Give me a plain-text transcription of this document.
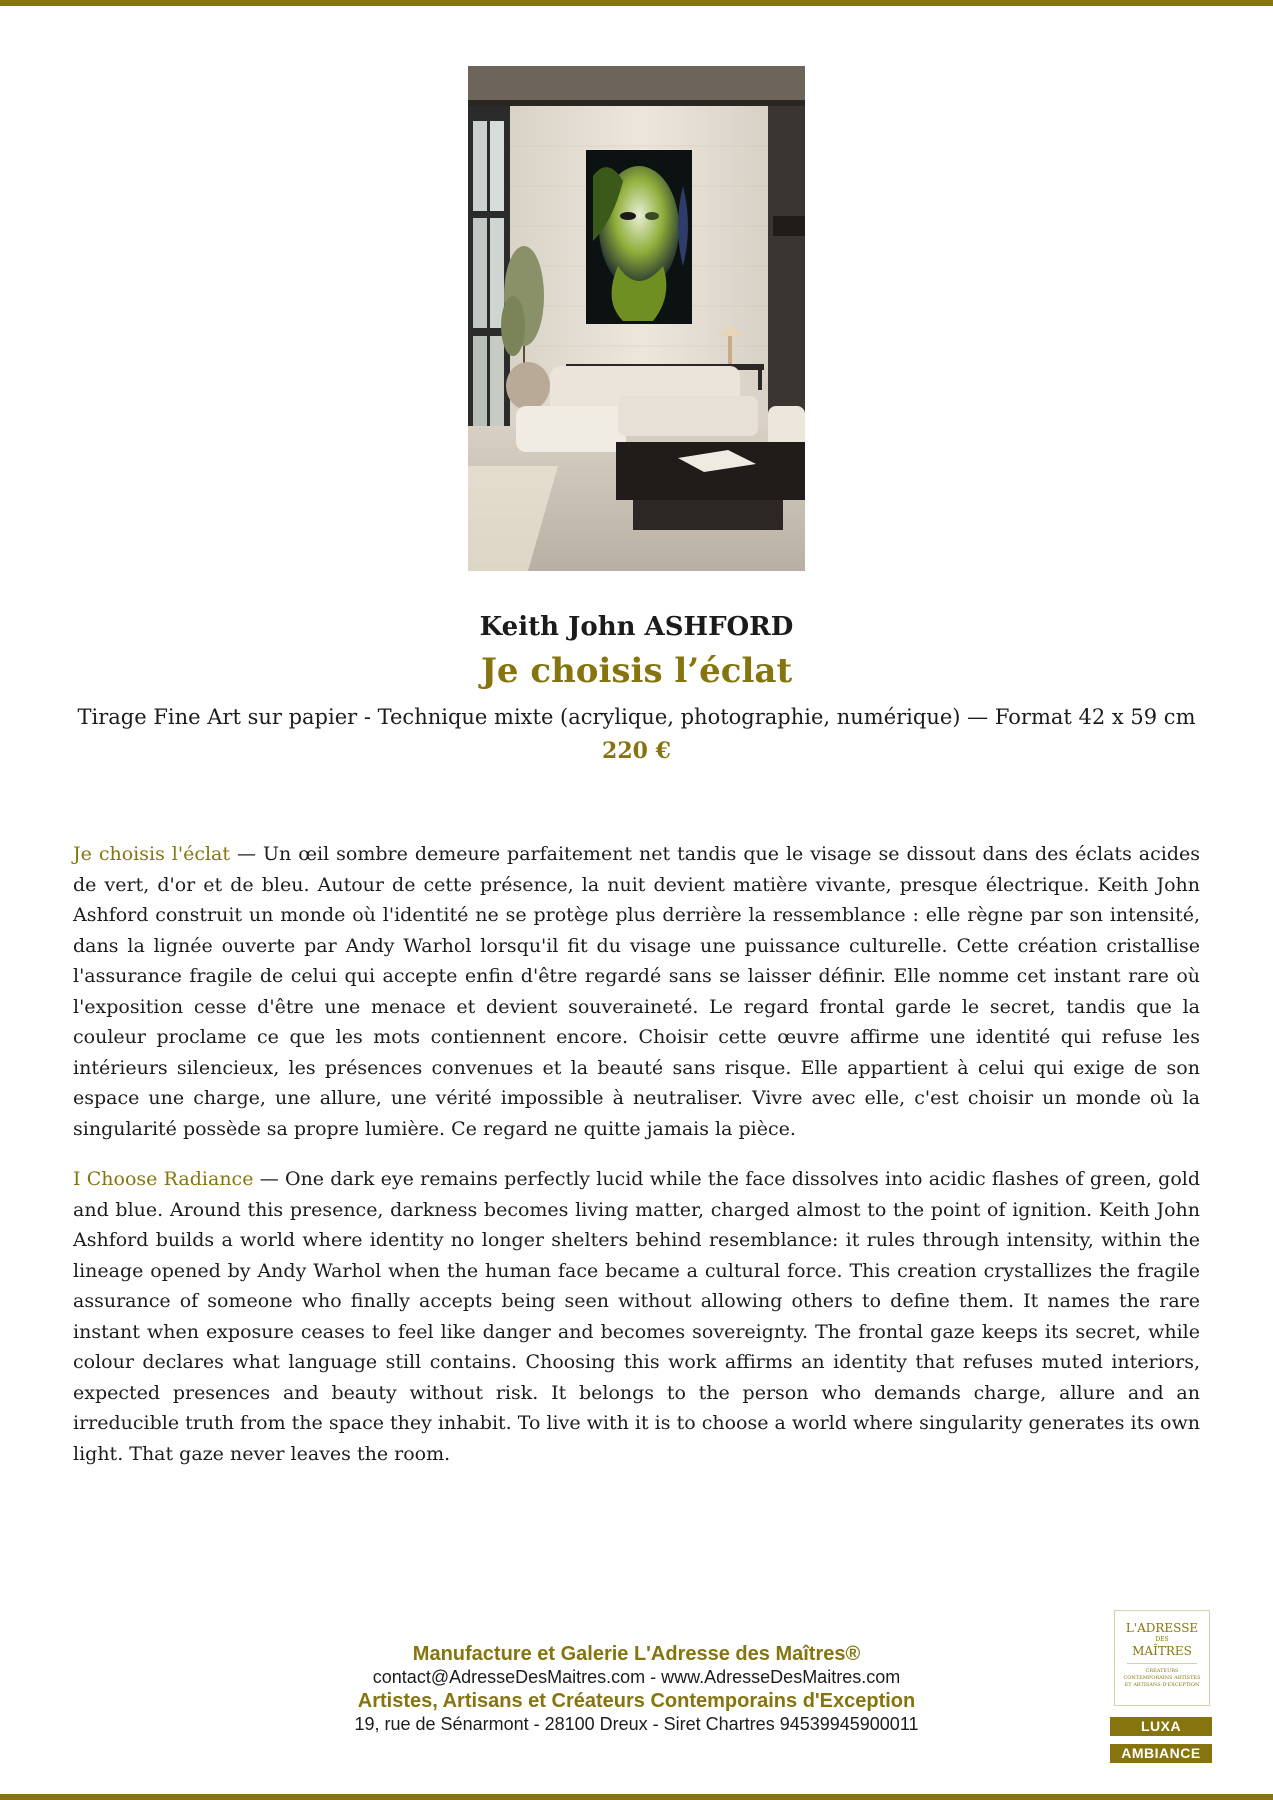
Keith John ASHFORD
Je choisis l’éclat
Tirage Fine Art sur papier - Technique mixte (acrylique, photographie, numérique) — Format 42 x 59 cm
220 €

Je choisis l'éclat — Un œil sombre demeure parfaitement net tandis que le visage se dissout dans des éclats acides de vert, d'or et de bleu. Autour de cette présence, la nuit devient matière vivante, presque électrique. Keith John Ashford construit un monde où l'identité ne se protège plus derrière la ressemblance : elle règne par son intensité, dans la lignée ouverte par Andy Warhol lorsqu'il fit du visage une puissance culturelle. Cette création cristallise l'assurance fragile de celui qui accepte enfin d'être regardé sans se laisser définir. Elle nomme cet instant rare où l'exposition cesse d'être une menace et devient souveraineté. Le regard frontal garde le secret, tandis que la couleur proclame ce que les mots contiennent encore. Choisir cette œuvre affirme une identité qui refuse les intérieurs silencieux, les présences convenues et la beauté sans risque. Elle appartient à celui qui exige de son espace une charge, une allure, une vérité impossible à neutraliser. Vivre avec elle, c'est choisir un monde où la singularité possède sa propre lumière. Ce regard ne quitte jamais la pièce.

I Choose Radiance — One dark eye remains perfectly lucid while the face dissolves into acidic flashes of green, gold and blue. Around this presence, darkness becomes living matter, charged almost to the point of ignition. Keith John Ashford builds a world where identity no longer shelters behind resemblance: it rules through intensity, within the lineage opened by Andy Warhol when the human face became a cultural force. This creation crystallizes the fragile assurance of someone who finally accepts being seen without allowing others to define them. It names the rare instant when exposure ceases to feel like danger and becomes sovereignty. The frontal gaze keeps its secret, while colour declares what language still contains. Choosing this work affirms an identity that refuses muted interiors, expected presences and beauty without risk. It belongs to the person who demands charge, allure and an irreducible truth from the space they inhabit. To live with it is to choose a world where singularity generates its own light. That gaze never leaves the room.

Manufacture et Galerie L'Adresse des Maîtres®
contact@AdresseDesMaitres.com - www.AdresseDesMaitres.com
Artistes, Artisans et Créateurs Contemporains d'Exception
19, rue de Sénarmont - 28100 Dreux - Siret Chartres 94539945900011
L'ADRESSE
DES
MAÎTRES
CRÉATEURS CONTEMPORAINS ARTISTES ET ARTISANS D'EXCEPTION
LUXA
AMBIANCE
